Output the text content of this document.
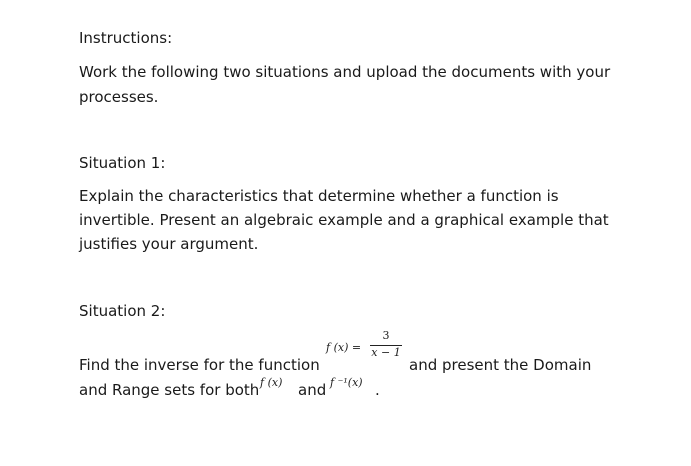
Instructions:
Work the following two situations and upload the documents with your
processes.
Situation 1:
Explain the characteristics that determine whether a function is
invertible. Present an algebraic example and a graphical example that
justifies your argument.
Situation 2:
Find the inverse for the function
f (x) =
3
x − 1
and present the Domain
and Range sets for both f (x) and f ⁻¹(x) .
